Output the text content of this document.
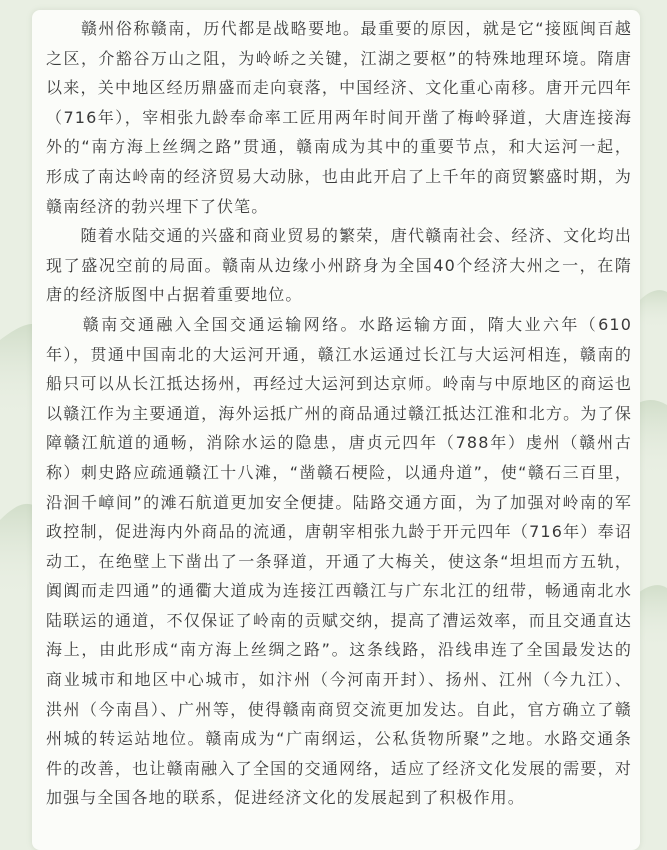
　　赣州俗称赣南，历代都是战略要地。最重要的原因，就是它“接瓯闽百越
之区，介豁谷万山之阻，为岭峤之关键，江湖之要枢”的特殊地理环境。隋唐
以来，关中地区经历鼎盛而走向衰落，中国经济、文化重心南移。唐开元四年
（716年），宰相张九龄奉命率工匠用两年时间开凿了梅岭驿道，大唐连接海
外的“南方海上丝绸之路”贯通，赣南成为其中的重要节点，和大运河一起，
形成了南达岭南的经济贸易大动脉，也由此开启了上千年的商贸繁盛时期，为
赣南经济的勃兴埋下了伏笔。

　　随着水陆交通的兴盛和商业贸易的繁荣，唐代赣南社会、经济、文化均出
现了盛况空前的局面。赣南从边缘小州跻身为全国40个经济大州之一，在隋
唐的经济版图中占据着重要地位。

　　赣南交通融入全国交通运输网络。水路运输方面，隋大业六年（610
年），贯通中国南北的大运河开通，赣江水运通过长江与大运河相连，赣南的
船只可以从长江抵达扬州，再经过大运河到达京师。岭南与中原地区的商运也
以赣江作为主要通道，海外运抵广州的商品通过赣江抵达江淮和北方。为了保
障赣江航道的通畅，消除水运的隐患，唐贞元四年（788年）虔州（赣州古
称）刺史路应疏通赣江十八滩，“凿赣石梗险，以通舟道”，使“赣石三百里，
沿洄千嶂间”的滩石航道更加安全便捷。陆路交通方面，为了加强对岭南的军
政控制，促进海内外商品的流通，唐朝宰相张九龄于开元四年（716年）奉诏
动工，在绝壁上下凿出了一条驿道，开通了大梅关，使这条“坦坦而方五轨，
阗阗而走四通”的通衢大道成为连接江西赣江与广东北江的纽带，畅通南北水
陆联运的通道，不仅保证了岭南的贡赋交纳，提高了漕运效率，而且交通直达
海上，由此形成“南方海上丝绸之路”。这条线路，沿线串连了全国最发达的
商业城市和地区中心城市，如汴州（今河南开封）、扬州、江州（今九江）、
洪州（今南昌）、广州等，使得赣南商贸交流更加发达。自此，官方确立了赣
州城的转运站地位。赣南成为“广南纲运，公私货物所聚”之地。水路交通条
件的改善，也让赣南融入了全国的交通网络，适应了经济文化发展的需要，对
加强与全国各地的联系，促进经济文化的发展起到了积极作用。
